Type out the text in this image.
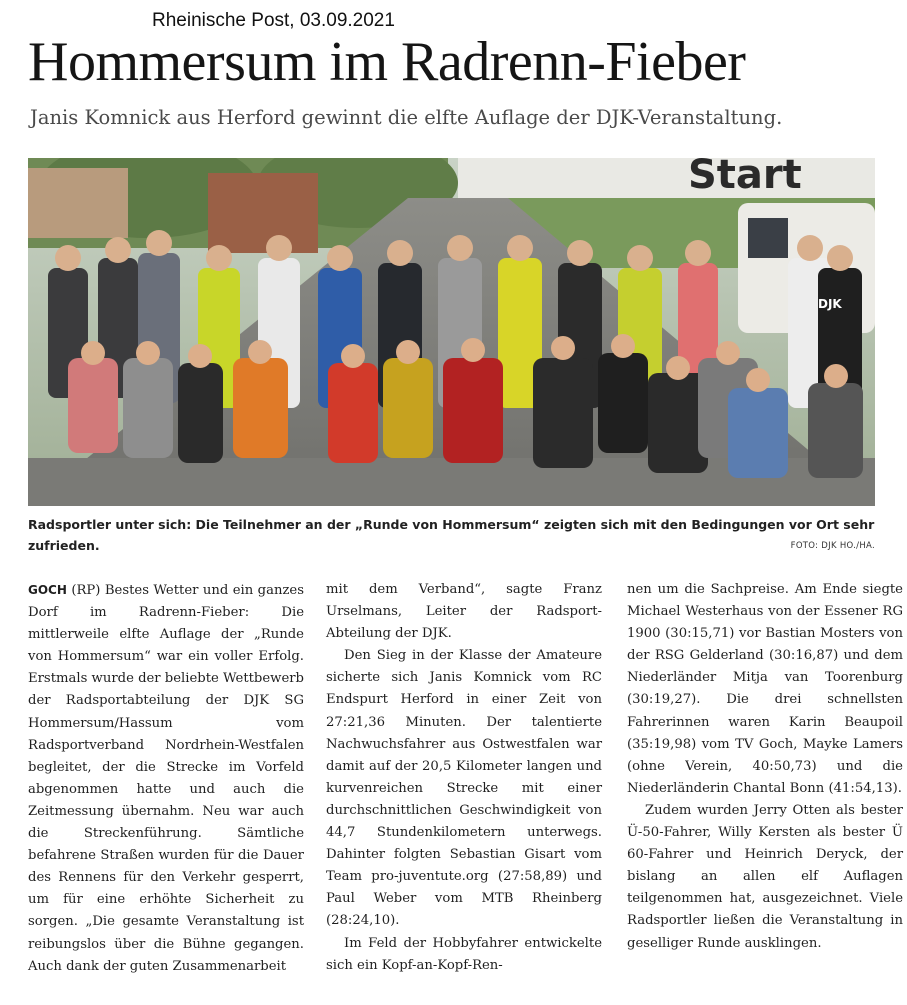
Rheinische Post, 03.09.2021
Hommersum im Radrenn-Fieber
Janis Komnick aus Herford gewinnt die elfte Auflage der DJK-Veranstaltung.
Start
DJK
Radsportler unter sich: Die Teilnehmer an der „Runde von Hommersum“ zeigten sich mit den Bedingungen vor Ort sehr zufrieden.	FOTO: DJK HO./HA.

GOCH (RP) Bestes Wetter und ein ganzes Dorf im Radrenn-Fieber: Die mittlerweile elfte Auflage der „Runde von Hommersum“ war ein voller Erfolg. Erstmals wurde der beliebte Wettbewerb der Radsportabteilung der DJK SG Hommersum/Hassum vom Radsportverband Nordrhein-Westfalen begleitet, der die Strecke im Vorfeld abgenommen hatte und auch die Zeitmessung übernahm. Neu war auch die Streckenführung. Sämtliche befahrene Straßen wurden für die Dauer des Rennens für den Verkehr gesperrt, um für eine erhöhte Sicherheit zu sorgen. „Die gesamte Veranstaltung ist reibungslos über die Bühne gegangen. Auch dank der guten Zusammenarbeit

mit dem Verband“, sagte Franz Urselmans, Leiter der Radsport-Abteilung der DJK.

Den Sieg in der Klasse der Amateure sicherte sich Janis Komnick vom RC Endspurt Herford in einer Zeit von 27:21,36 Minuten. Der talentierte Nachwuchsfahrer aus Ostwestfalen war damit auf der 20,5 Kilometer langen und kurvenreichen Strecke mit einer durchschnittlichen Geschwindigkeit von 44,7 Stundenkilometern unterwegs. Dahinter folgten Sebastian Gisart vom Team pro-juventute.org (27:58,89) und Paul Weber vom MTB Rheinberg (28:24,10).

Im Feld der Hobbyfahrer entwickelte sich ein Kopf-an-Kopf-Ren-

nen um die Sachpreise. Am Ende siegte Michael Westerhaus von der Essener RG 1900 (30:15,71) vor Bastian Mosters von der RSG Gelderland (30:16,87) und dem Niederländer Mitja van Toorenburg (30:19,27). Die drei schnellsten Fahrerinnen waren Karin Beaupoil (35:19,98) vom TV Goch, Mayke Lamers (ohne Verein, 40:50,73) und die Niederländerin Chantal Bonn (41:54,13).

Zudem wurden Jerry Otten als bester Ü-50-Fahrer, Willy Kersten als bester Ü 60-Fahrer und Heinrich Deryck, der bislang an allen elf Auflagen teilgenommen hat, ausgezeichnet. Viele Radsportler ließen die Veranstaltung in geselliger Runde ausklingen.
